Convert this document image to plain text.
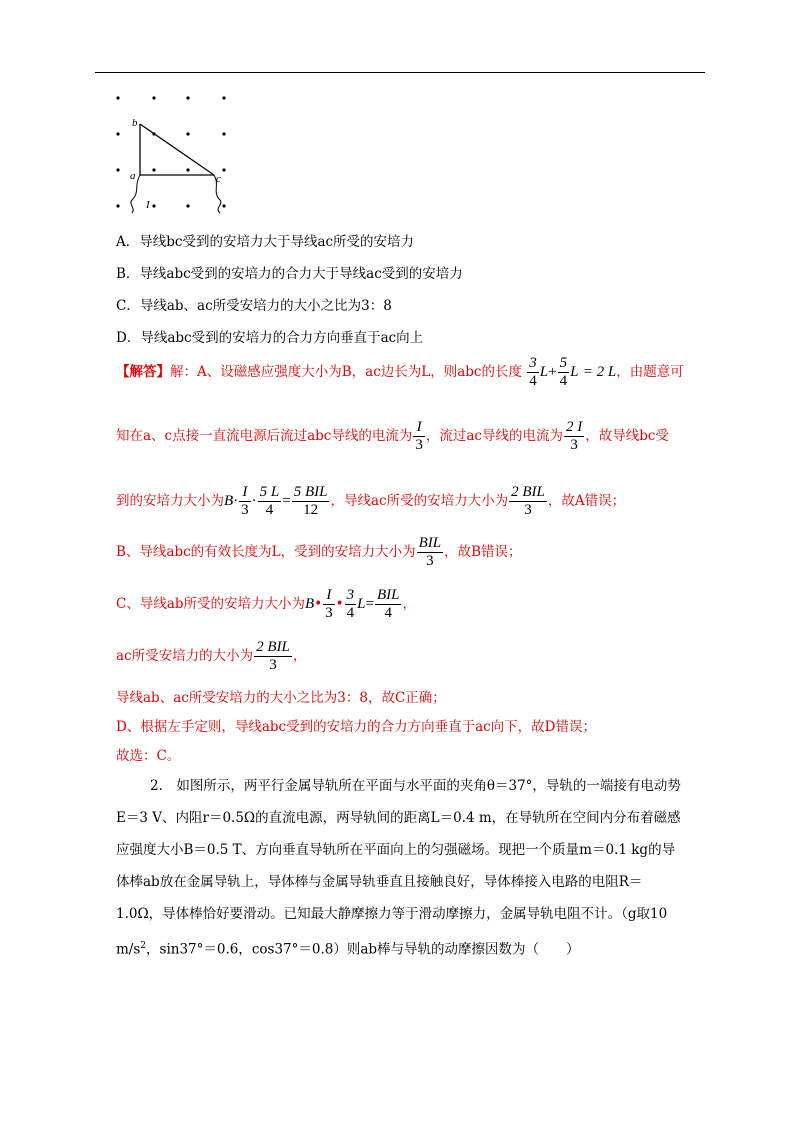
b
a	c
I
A．导线bc受到的安培力大于导线ac所受的安培力
B．导线abc受到的安培力的合力大于导线ac受到的安培力
C．导线ab、ac所受安培力的大小之比为3：8
D．导线abc受到的安培力的合力方向垂直于ac向上
【解答】解：A、设磁感应强度大小为B，ac边长为L，则abc的长度 $\frac{3}{4} L+ \frac{5}{4}$ L = 2 L，由题意可
知在a、c点接一直流电源后流过abc导线的电流为 $\frac{I}{3}$ ，流过ac导线的电流为 $\frac{2 I}{3}$ ，故导线bc受
到的安培力大小为$B\cdot \frac{I}{3} \cdot \frac{5 L}{4} = \frac{\text{5 BIL}}{12}$ ，导线ac所受的安培力大小为 $\frac{\text{2 BIL}}{3}$ ，故A错误；
B、导线abc的有效长度为L，受到的安培力大小为 $\frac{\text{BIL}}{3}$ ，故B错误；
C、导线ab所受的安培力大小为B• $\frac{I}{3}$ • $\frac{3}{4} L= \frac{\text{BIL}}{4}$ ，
ac所受安培力的大小为 $\frac{\text{2 BIL}}{3}$ ，
导线ab、ac所受安培力的大小之比为3：8，故C正确；
D、根据左手定则，导线abc受到的安培力的合力方向垂直于ac向下，故D错误；
故选：C。
2.　如图所示，两平行金属导轨所在平面与水平面的夹角θ＝37°，导轨的一端接有电动势
E＝3 V、内阻r＝0.5Ω的直流电源，两导轨间的距离L＝0.4 m，在导轨所在空间内分布着磁感
应强度大小B＝0.5 T、方向垂直导轨所在平面向上的匀强磁场。现把一个质量m＝0.1 kg的导
体棒ab放在金属导轨上，导体棒与金属导轨垂直且接触良好，导体棒接入电路的电阻R＝
1.0Ω，导体棒恰好要滑动。已知最大静摩擦力等于滑动摩擦力，金属导轨电阻不计。（g取10
$m/s^2$，sin37°＝0.6，cos37°＝0.8）则ab棒与导轨的动摩擦因数为（　　）
